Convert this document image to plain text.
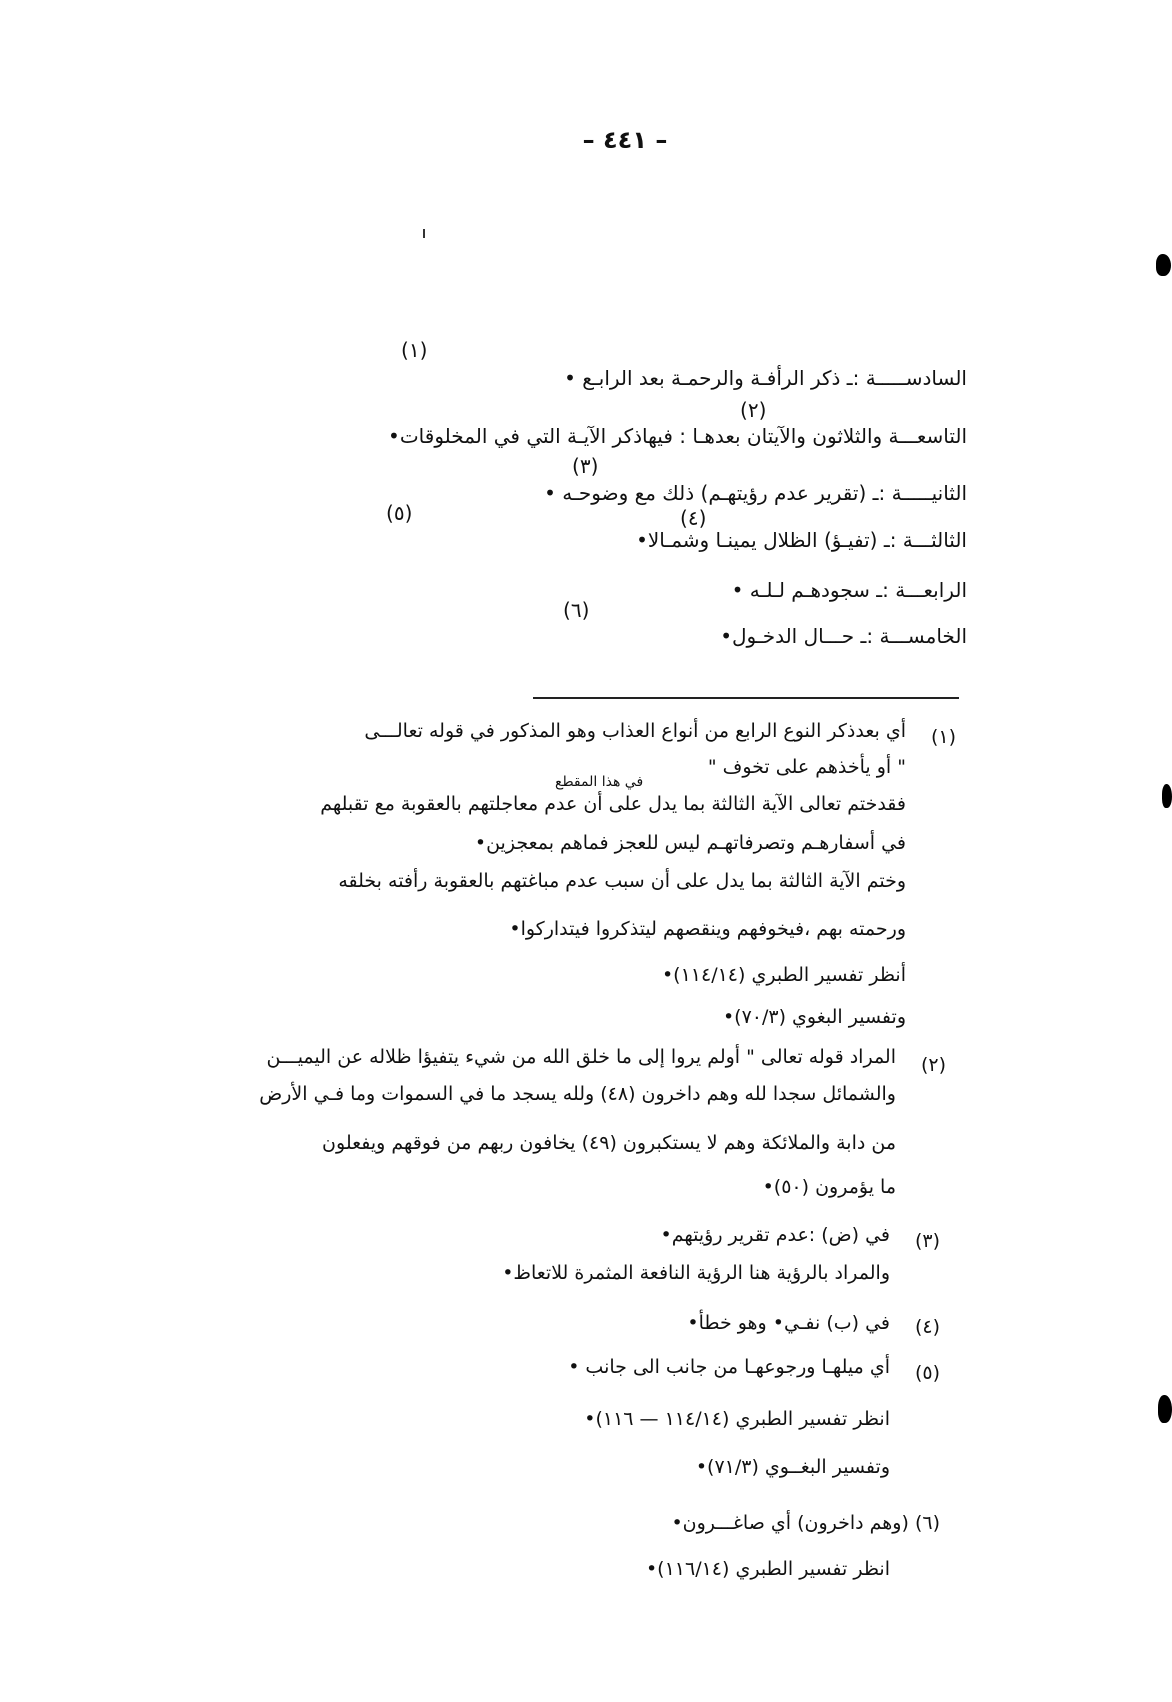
– ٤٤١ –
(١)
السادســـــة :ـ ذكر الرأفـة والرحمـة بعد الرابـع •
(٢)
التاسعـــة والثلاثون والآيتان بعدهـا : فيهاذكر الآيـة التي في المخلوقات•
(٣)
الثانيـــــة :ـ (تقرير عدم رؤيتهـم) ذلك مع وضوحـه •
(٤)
(٥)
الثالثـــة :ـ (تفيـؤ) الظلال يمينـا وشمـالا•
الرابعـــة :ـ سجودهـم لـلـه •
(٦)
الخامســـة :ـ حـــال الدخـول•
(١)
أي بعدذكر النوع الرابع من أنواع العذاب وهو المذكور في قوله تعالـــى
" أو يأخذهم على تخوف "
في هذا المقطع
فقدختم تعالى الآية الثالثة بما يدل على أن عدم معاجلتهم بالعقوبة مع تقبلهم
في أسفارهـم وتصرفاتهـم ليس للعجز فماهم بمعجزين•
وختم الآية الثالثة بما يدل على أن سبب عدم مباغتهم بالعقوبة رأفته بخلقه
ورحمته بهم ،فيخوفهم وينقصهم ليتذكروا فيتداركوا•
أنظر تفسير الطبري (١١٤/١٤)•
وتفسير البغوي (٧٠/٣)•
(٢)
المراد قوله تعالى " أولم يروا إلى ما خلق الله من شيء يتفيؤا ظلاله عن اليميـــن
والشمائل سجدا لله وهم داخرون (٤٨) ولله يسجد ما في السموات وما فـي الأرض
من دابة والملائكة وهم لا يستكبرون (٤٩) يخافون ربهم من فوقهم ويفعلون
ما يؤمرون (٥٠)•
(٣)
في (ض) :عدم تقرير رؤيتهم•
والمراد بالرؤية هنا الرؤية النافعة المثمرة للاتعاظ•
(٤)
في (ب) نفـي• وهو خطأ•
(٥)
أي ميلهـا ورجوعهـا من جانب الى جانب •
انظر تفسير الطبري (١١٤/١٤ — ١١٦)•
وتفسير البغــوي (٧١/٣)•
(٦) (وهم داخرون) أي صاغـــرون•
انظر تفسير الطبري (١١٦/١٤)•
